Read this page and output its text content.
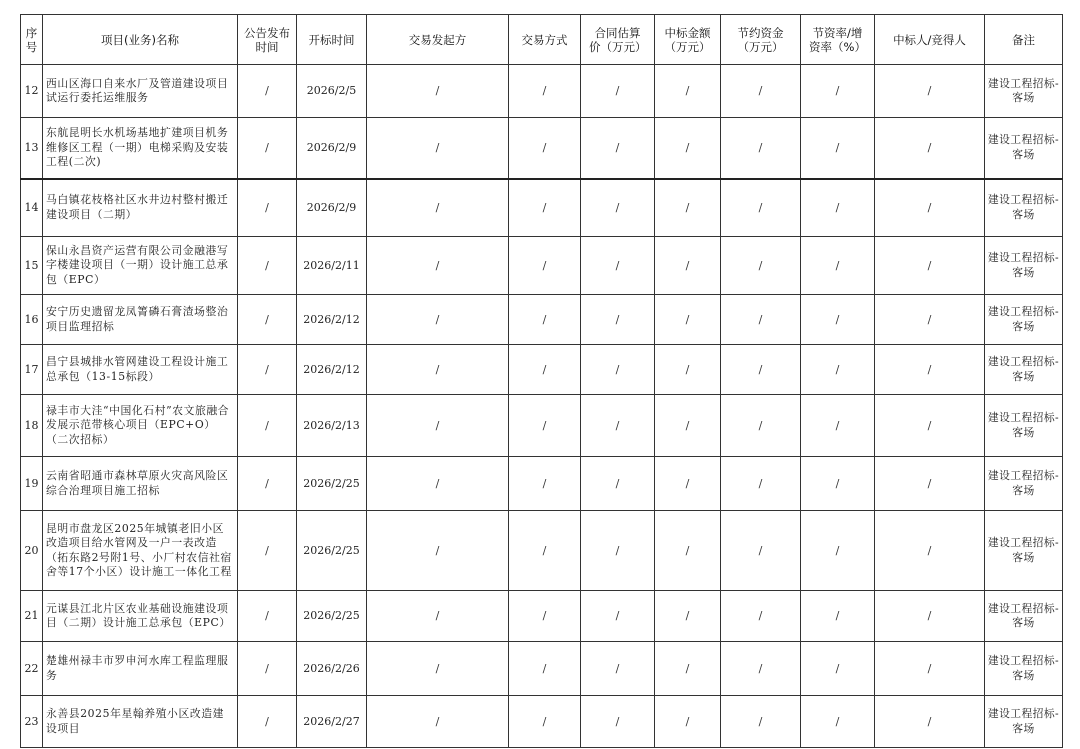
序号	项目(业务)名称	公告发布时间	开标时间	交易发起方	交易方式	合同估算价（万元）	中标金额（万元）	节约资金（万元）	节资率/增资率（%）	中标人/竞得人	备注
12	西山区海口自来水厂及管道建设项目试运行委托运维服务	/	2026/2/5	/	/	/	/	/	/	/	建设工程招标-客场
13	东航昆明长水机场基地扩建项目机务维修区工程（一期）电梯采购及安装工程(二次)	/	2026/2/9	/	/	/	/	/	/	/	建设工程招标-客场
14	马白镇花枝格社区水井边村整村搬迁建设项目（二期）	/	2026/2/9	/	/	/	/	/	/	/	建设工程招标-客场
15	保山永昌资产运营有限公司金融港写字楼建设项目（一期）设计施工总承包（EPC）	/	2026/2/11	/	/	/	/	/	/	/	建设工程招标-客场
16	安宁历史遗留龙凤箐磷石膏渣场整治项目监理招标	/	2026/2/12	/	/	/	/	/	/	/	建设工程招标-客场
17	昌宁县城排水管网建设工程设计施工总承包（13-15标段）	/	2026/2/12	/	/	/	/	/	/	/	建设工程招标-客场
18	禄丰市大洼“中国化石村”农文旅融合发展示范带核心项目（EPC+O）（二次招标）	/	2026/2/13	/	/	/	/	/	/	/	建设工程招标-客场
19	云南省昭通市森林草原火灾高风险区综合治理项目施工招标	/	2026/2/25	/	/	/	/	/	/	/	建设工程招标-客场
20	昆明市盘龙区2025年城镇老旧小区改造项目给水管网及一户一表改造（拓东路2号附1号、小厂村农信社宿舍等17个小区）设计施工一体化工程	/	2026/2/25	/	/	/	/	/	/	/	建设工程招标-客场
21	元谋县江北片区农业基础设施建设项目（二期）设计施工总承包（EPC）	/	2026/2/25	/	/	/	/	/	/	/	建设工程招标-客场
22	楚雄州禄丰市罗申河水库工程监理服务	/	2026/2/26	/	/	/	/	/	/	/	建设工程招标-客场
23	永善县2025年星翰养殖小区改造建设项目	/	2026/2/27	/	/	/	/	/	/	/	建设工程招标-客场
